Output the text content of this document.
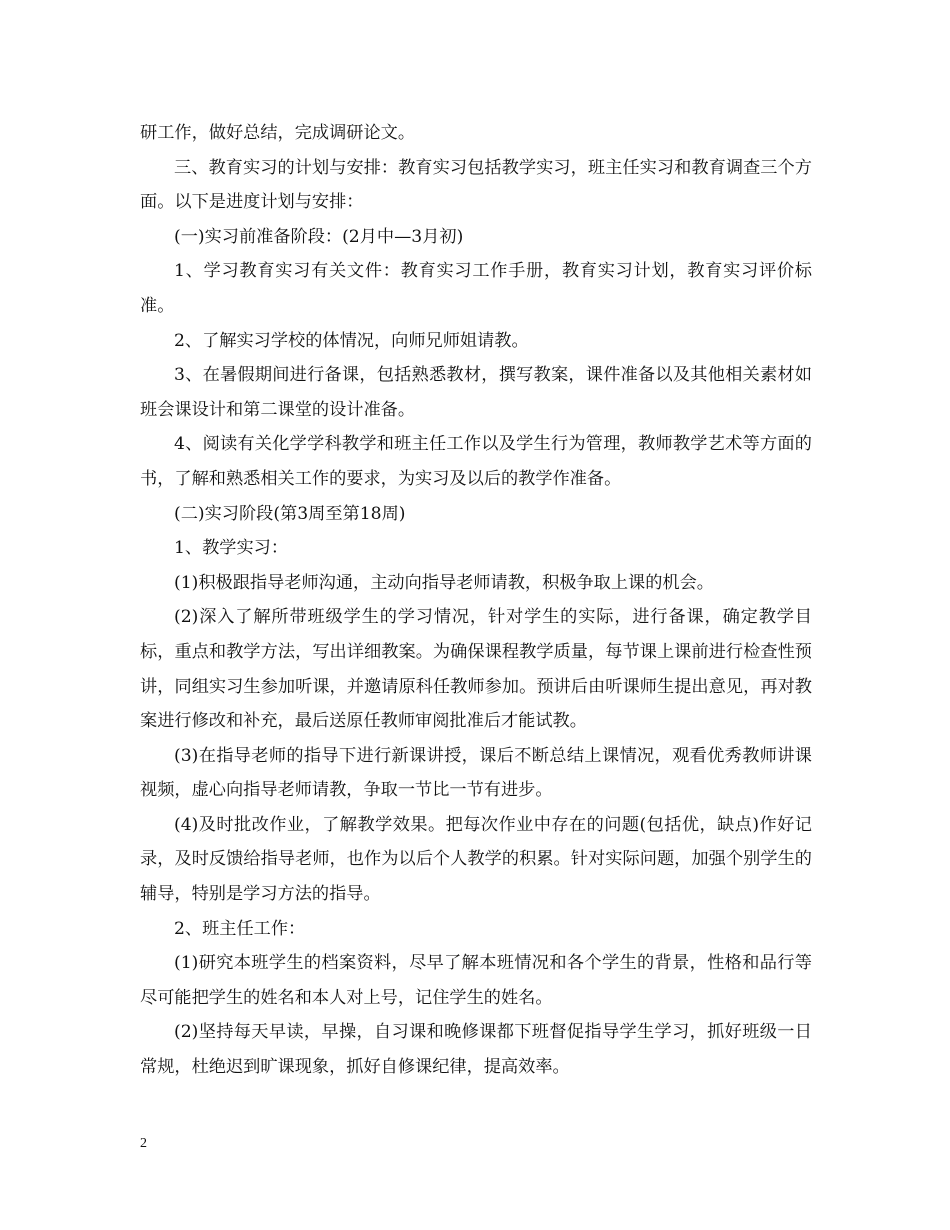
研工作，做好总结，完成调研论文。

三、教育实习的计划与安排：教育实习包括教学实习，班主任实习和教育调查三个方面。以下是进度计划与安排：

(一)实习前准备阶段：(2月中—3月初)

1、学习教育实习有关文件：教育实习工作手册，教育实习计划，教育实习评价标准。

2、了解实习学校的体情况，向师兄师姐请教。

3、在暑假期间进行备课，包括熟悉教材，撰写教案，课件准备以及其他相关素材如班会课设计和第二课堂的设计准备。

4、阅读有关化学学科教学和班主任工作以及学生行为管理，教师教学艺术等方面的书，了解和熟悉相关工作的要求，为实习及以后的教学作准备。

(二)实习阶段(第3周至第18周)

1、教学实习：

(1)积极跟指导老师沟通，主动向指导老师请教，积极争取上课的机会。

(2)深入了解所带班级学生的学习情况，针对学生的实际，进行备课，确定教学目标，重点和教学方法，写出详细教案。为确保课程教学质量，每节课上课前进行检查性预讲，同组实习生参加听课，并邀请原科任教师参加。预讲后由听课师生提出意见，再对教案进行修改和补充，最后送原任教师审阅批准后才能试教。

(3)在指导老师的指导下进行新课讲授，课后不断总结上课情况，观看优秀教师讲课视频，虚心向指导老师请教，争取一节比一节有进步。

(4)及时批改作业，了解教学效果。把每次作业中存在的问题(包括优，缺点)作好记录，及时反馈给指导老师，也作为以后个人教学的积累。针对实际问题，加强个别学生的辅导，特别是学习方法的指导。

2、班主任工作：

(1)研究本班学生的档案资料，尽早了解本班情况和各个学生的背景，性格和品行等尽可能把学生的姓名和本人对上号，记住学生的姓名。

(2)坚持每天早读，早操，自习课和晚修课都下班督促指导学生学习，抓好班级一日常规，杜绝迟到旷课现象，抓好自修课纪律，提高效率。

2
